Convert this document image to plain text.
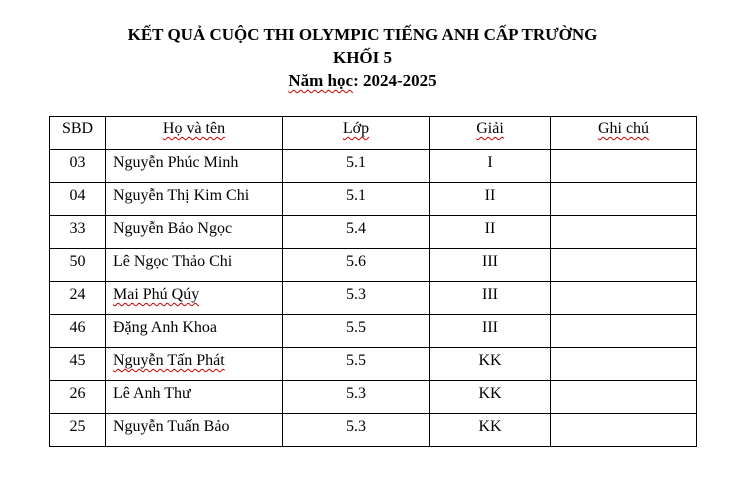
KẾT QUẢ CUỘC THI OLYMPIC TIẾNG ANH CẤP TRƯỜNG
KHỐI 5
Năm học: 2024-2025
SBD	Họ và tên	Lớp	Giải	Ghi chú
03	Nguyễn Phúc Minh	5.1	I	
04	Nguyễn Thị Kim Chi	5.1	II	
33	Nguyễn Bảo Ngọc	5.4	II	
50	Lê Ngọc Thảo Chi	5.6	III	
24	Mai Phú Qúy	5.3	III	
46	Đặng Anh Khoa	5.5	III	
45	Nguyễn Tấn Phát	5.5	KK	
26	Lê Anh Thư	5.3	KK	
25	Nguyễn Tuấn Bảo	5.3	KK	
